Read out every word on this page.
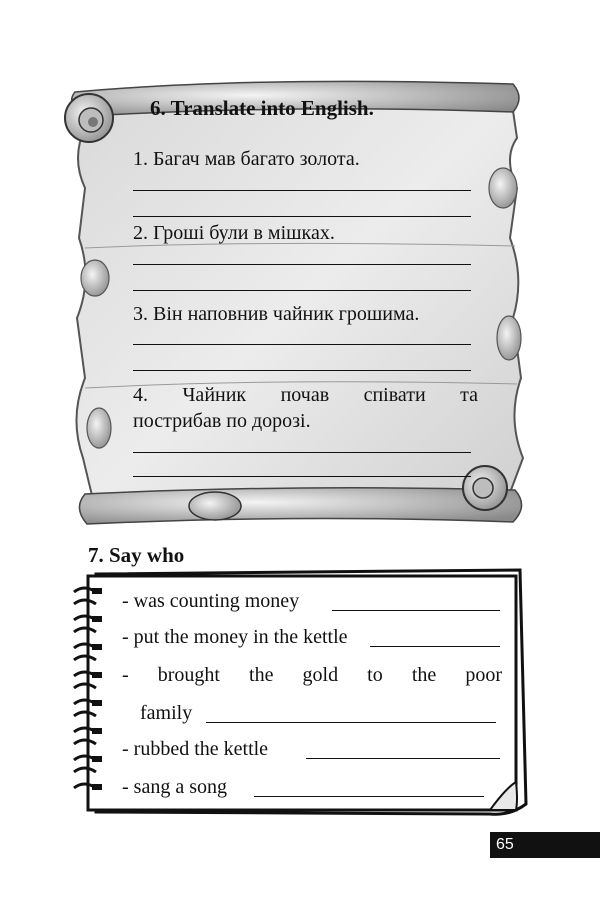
6. Translate into English.
1. Багач мав багато золота.
2. Гроші були в мішках.
3. Він наповнив чайник грошима.
4. Чайник почав співати та
пострибав по дорозі.
7. Say who
- was counting money
- put the money in the kettle
- brought the gold to the poor
family
- rubbed the kettle
- sang a song
65
